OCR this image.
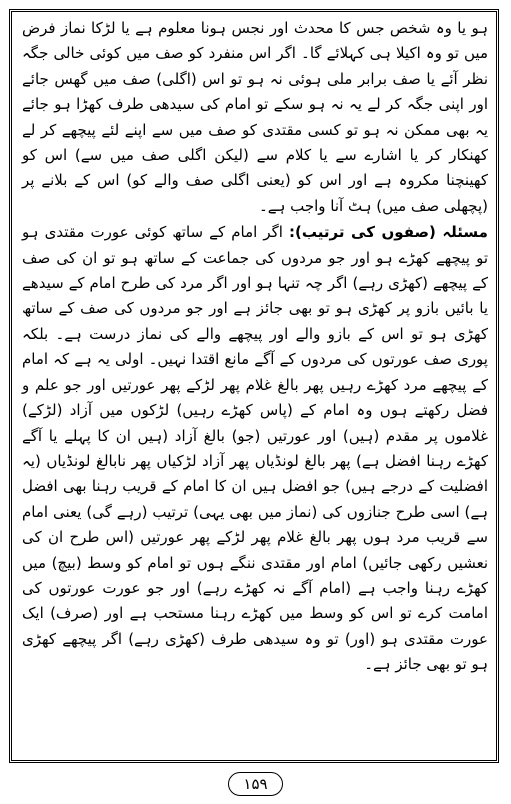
ہو یا وہ شخص جس کا محدث اور نجس ہونا معلوم ہے یا لڑکا نماز فرض میں تو وہ اکیلا ہی کہلائے گا۔ اگر اس منفرد کو صف میں کوئی خالی جگہ نظر آئے یا صف برابر ملی ہوئی نہ ہو تو اس (اگلی) صف میں گھس جائے اور اپنی جگہ کر لے یہ نہ ہو سکے تو امام کی سیدھی طرف کھڑا ہو جائے یہ بھی ممکن نہ ہو تو کسی مقتدی کو صف میں سے اپنے لئے پیچھے کر لے کھنکار کر یا اشارے سے یا کلام سے (لیکن اگلی صف میں سے) اس کو کھینچنا مکروہ ہے اور اس کو (یعنی اگلی صف والے کو) اس کے بلانے پر (پچھلی صف میں) ہٹ آنا واجب ہے۔

مسئلہ (صفوں کی ترتیب): اگر امام کے ساتھ کوئی عورت مقتدی ہو تو پیچھے کھڑے ہو اور جو مردوں کی جماعت کے ساتھ ہو تو ان کی صف کے پیچھے (کھڑی رہے) اگر چہ تنہا ہو اور اگر مرد کی طرح امام کے سیدھے یا بائیں بازو پر کھڑی ہو تو بھی جائز ہے اور جو مردوں کی صف کے ساتھ کھڑی ہو تو اس کے بازو والے اور پیچھے والے کی نماز درست ہے۔ بلکہ پوری صف عورتوں کی مردوں کے آگے مانع اقتدا نہیں۔ اولی یہ ہے کہ امام کے پیچھے مرد کھڑے رہیں پھر بالغ غلام پھر لڑکے پھر عورتیں اور جو علم و فضل رکھتے ہوں وہ امام کے (پاس کھڑے رہیں) لڑکوں میں آزاد (لڑکے) غلاموں پر مقدم (ہیں) اور عورتیں (جو) بالغ آزاد (ہیں ان کا پہلے یا آگے کھڑے رہنا افضل ہے) پھر بالغ لونڈیاں پھر آزاد لڑکیاں پھر نابالغ لونڈیاں (یہ افضلیت کے درجے ہیں) جو افضل ہیں ان کا امام کے قریب رہنا بھی افضل ہے) اسی طرح جنازوں کی (نماز میں بھی یہی) ترتیب (رہے گی) یعنی امام سے قریب مرد ہوں پھر بالغ غلام پھر لڑکے پھر عورتیں (اس طرح ان کی نعشیں رکھی جائیں) امام اور مقتدی ننگے ہوں تو امام کو وسط (بیچ) میں کھڑے رہنا واجب ہے (امام آگے نہ کھڑے رہے) اور جو عورت عورتوں کی امامت کرے تو اس کو وسط میں کھڑے رہنا مستحب ہے اور (صرف) ایک عورت مقتدی ہو (اور) تو وہ سیدھی طرف (کھڑی رہے) اگر پیچھے کھڑی ہو تو بھی جائز ہے۔

۱۵۹
